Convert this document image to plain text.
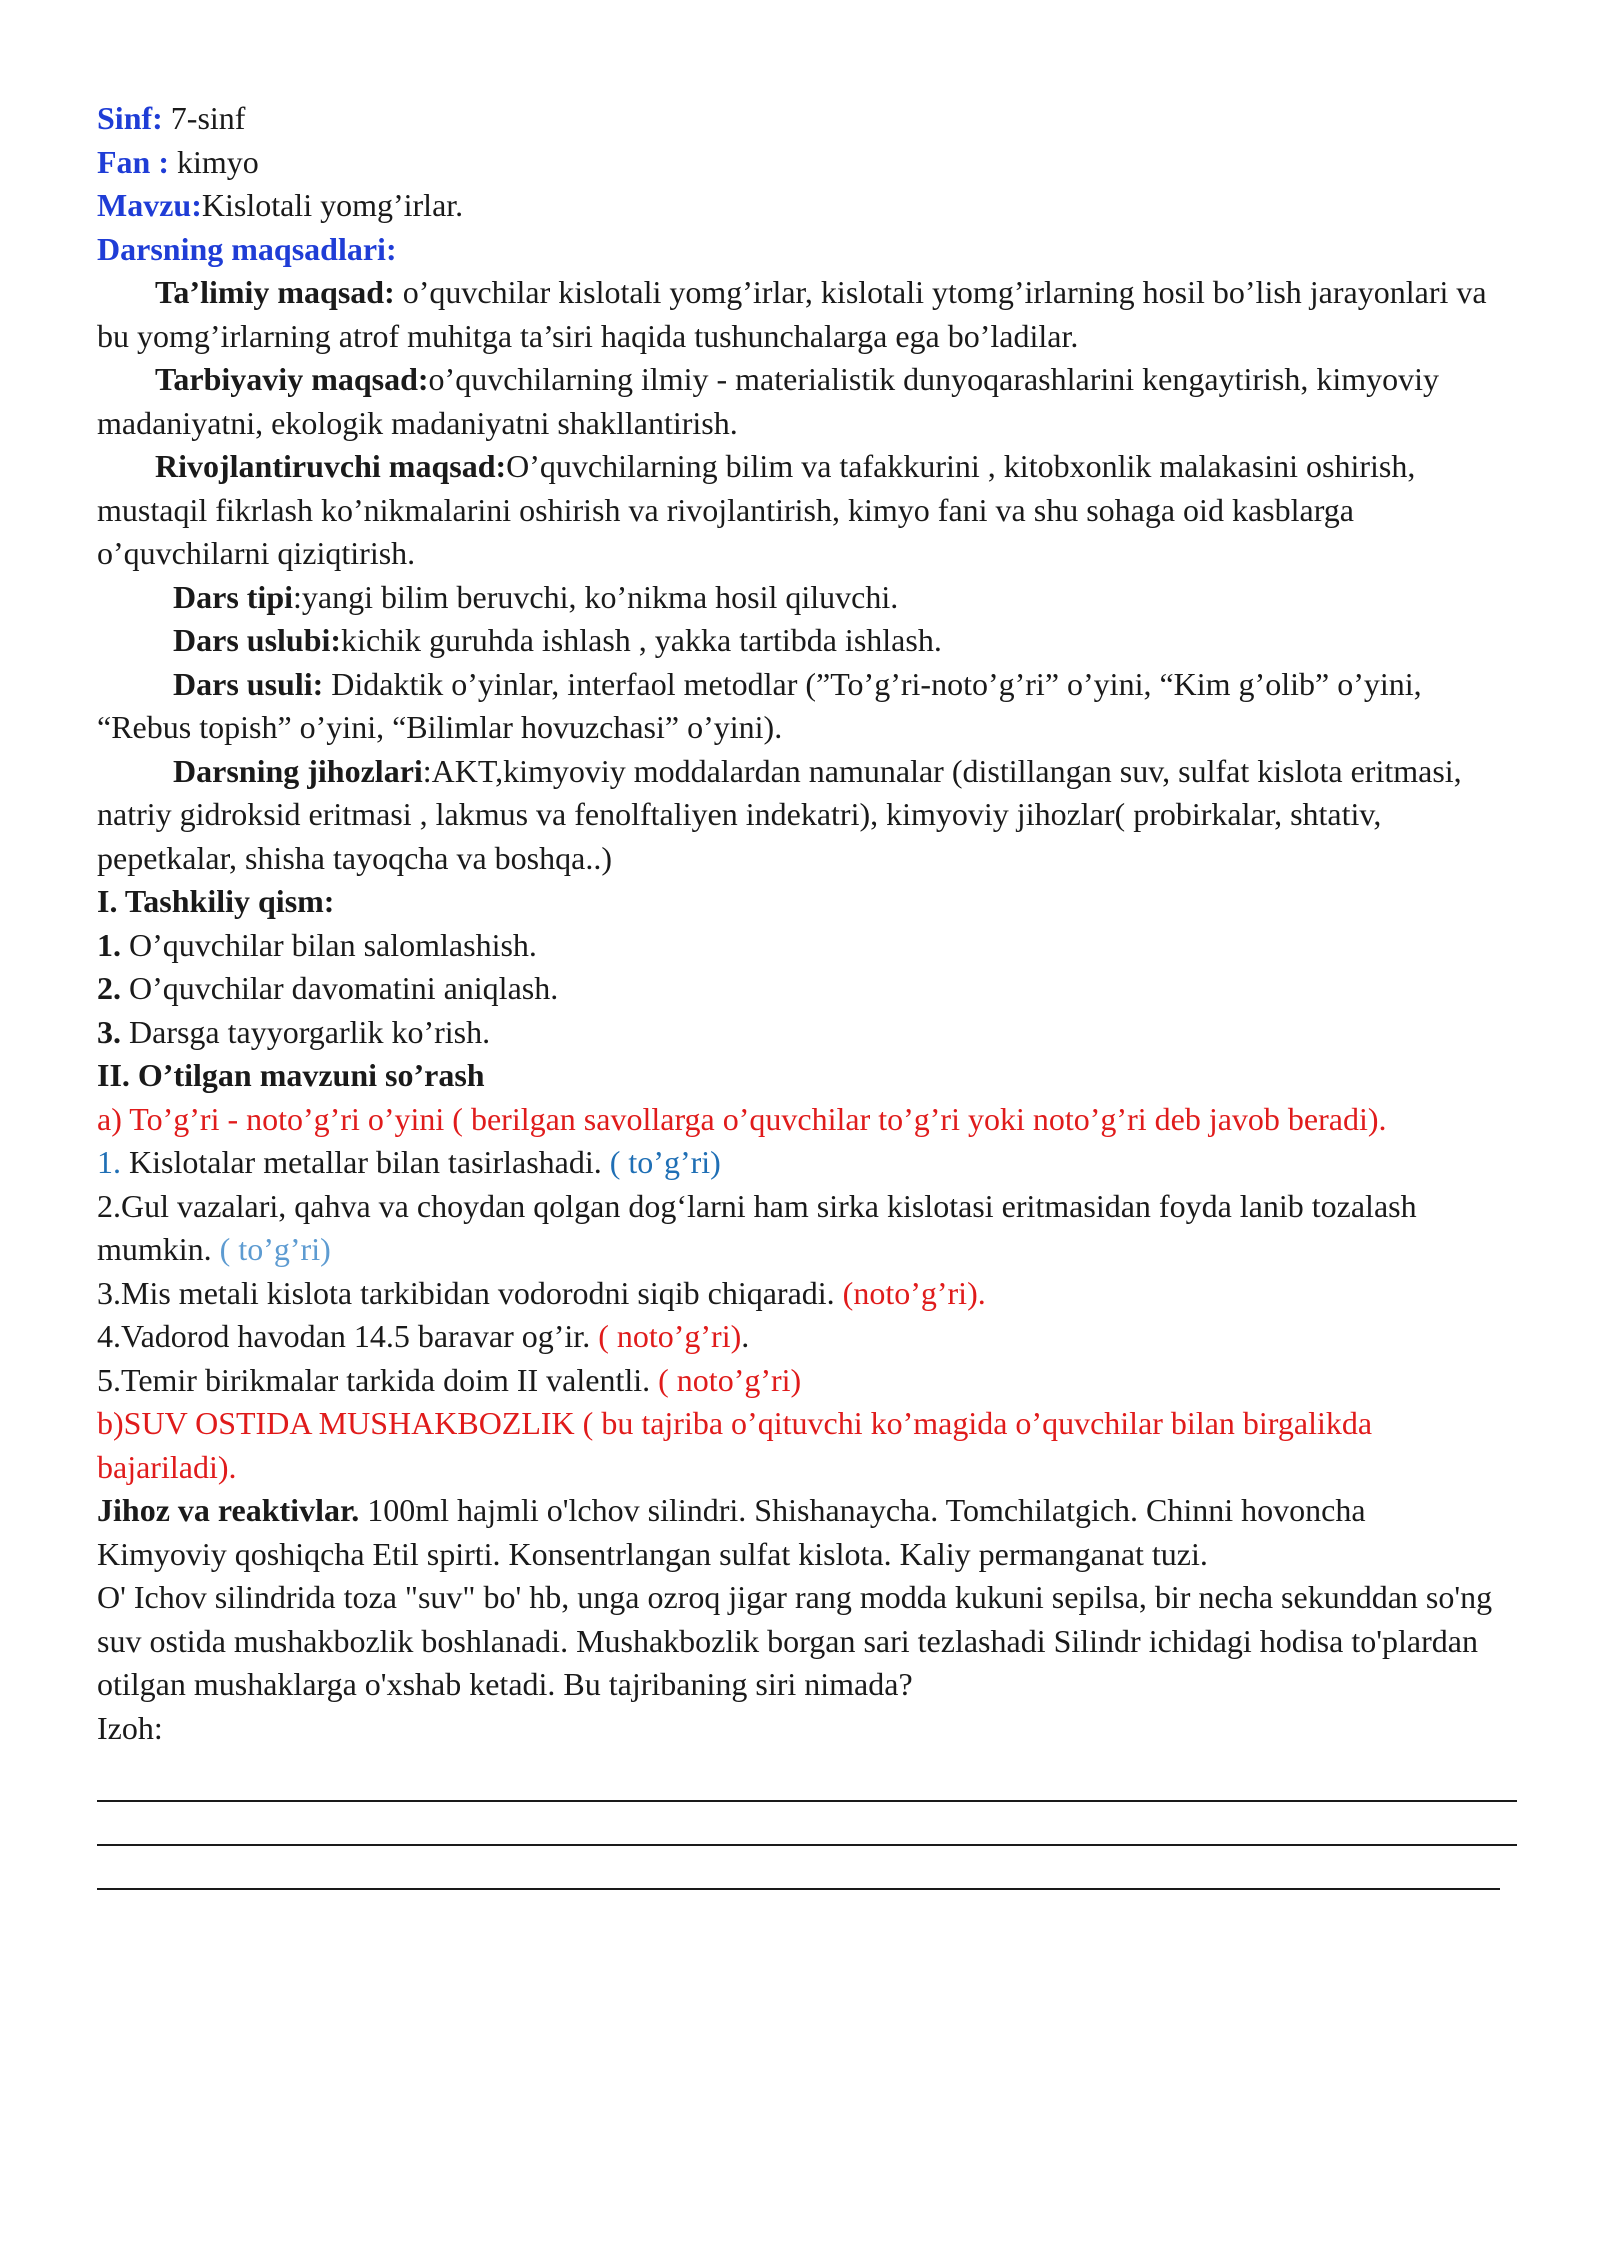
Sinf: 7-sinf

Fan : kimyo

Mavzu:Kislotali yomg’irlar.

Darsning maqsadlari:

Ta’limiy maqsad: o’quvchilar kislotali yomg’irlar, kislotali ytomg’irlarning hosil bo’lish jarayonlari va bu yomg’irlarning atrof muhitga ta’siri haqida tushunchalarga ega bo’ladilar.

Tarbiyaviy maqsad:o’quvchilarning ilmiy - materialistik dunyoqarashlarini kengaytirish, kimyoviy madaniyatni, ekologik madaniyatni shakllantirish.

Rivojlantiruvchi maqsad:O’quvchilarning bilim va tafakkurini , kitobxonlik malakasini oshirish, mustaqil fikrlash ko’nikmalarini oshirish va rivojlantirish, kimyo fani va shu sohaga oid kasblarga o’quvchilarni qiziqtirish.

Dars tipi:yangi bilim beruvchi, ko’nikma hosil qiluvchi.

Dars uslubi:kichik guruhda ishlash , yakka tartibda ishlash.

Dars usuli: Didaktik o’yinlar, interfaol metodlar (”To’g’ri-noto’g’ri” o’yini, “Kim g’olib” o’yini, “Rebus topish” o’yini, “Bilimlar hovuzchasi” o’yini).

Darsning jihozlari:AKT,kimyoviy moddalardan namunalar (distillangan suv, sulfat kislota eritmasi, natriy gidroksid eritmasi , lakmus va fenolftaliyen indekatri), kimyoviy jihozlar( probirkalar, shtativ, pepetkalar, shisha tayoqcha va boshqa..)

I. Tashkiliy qism:

1. O’quvchilar bilan salomlashish.

2. O’quvchilar davomatini aniqlash.

3. Darsga tayyorgarlik ko’rish.

II. O’tilgan mavzuni so’rash

a) To’g’ri - noto’g’ri o’yini ( berilgan savollarga o’quvchilar to’g’ri yoki noto’g’ri deb javob beradi).

1. Kislotalar metallar bilan tasirlashadi. ( to’g’ri)

2.Gul vazalari, qahva va choydan qolgan dog‘larni ham sirka kislotasi eritmasidan foyda lanib tozalash mumkin. ( to’g’ri)

3.Mis metali kislota tarkibidan vodorodni siqib chiqaradi. (noto’g’ri).

4.Vadorod havodan 14.5 baravar og’ir. ( noto’g’ri).

5.Temir birikmalar tarkida doim II valentli. ( noto’g’ri)

b)SUV OSTIDA MUSHAKBOZLIK ( bu tajriba o’qituvchi ko’magida o’quvchilar bilan birgalikda bajariladi).

Jihoz va reaktivlar. 100ml hajmli o'lchov silindri. Shishanaycha. Tomchilatgich. Chinni hovoncha

Kimyoviy qoshiqcha Etil spirti. Konsentrlangan sulfat kislota. Kaliy permanganat tuzi.

O' Ichov silindrida toza "suv" bo' hb, unga ozroq jigar rang modda kukuni sepilsa, bir necha sekunddan so'ng suv ostida mushakbozlik boshlanadi. Mushakbozlik borgan sari tezlashadi Silindr ichidagi hodisa to'plardan otilgan mushaklarga o'xshab ketadi. Bu tajribaning siri nimada?

Izoh:
